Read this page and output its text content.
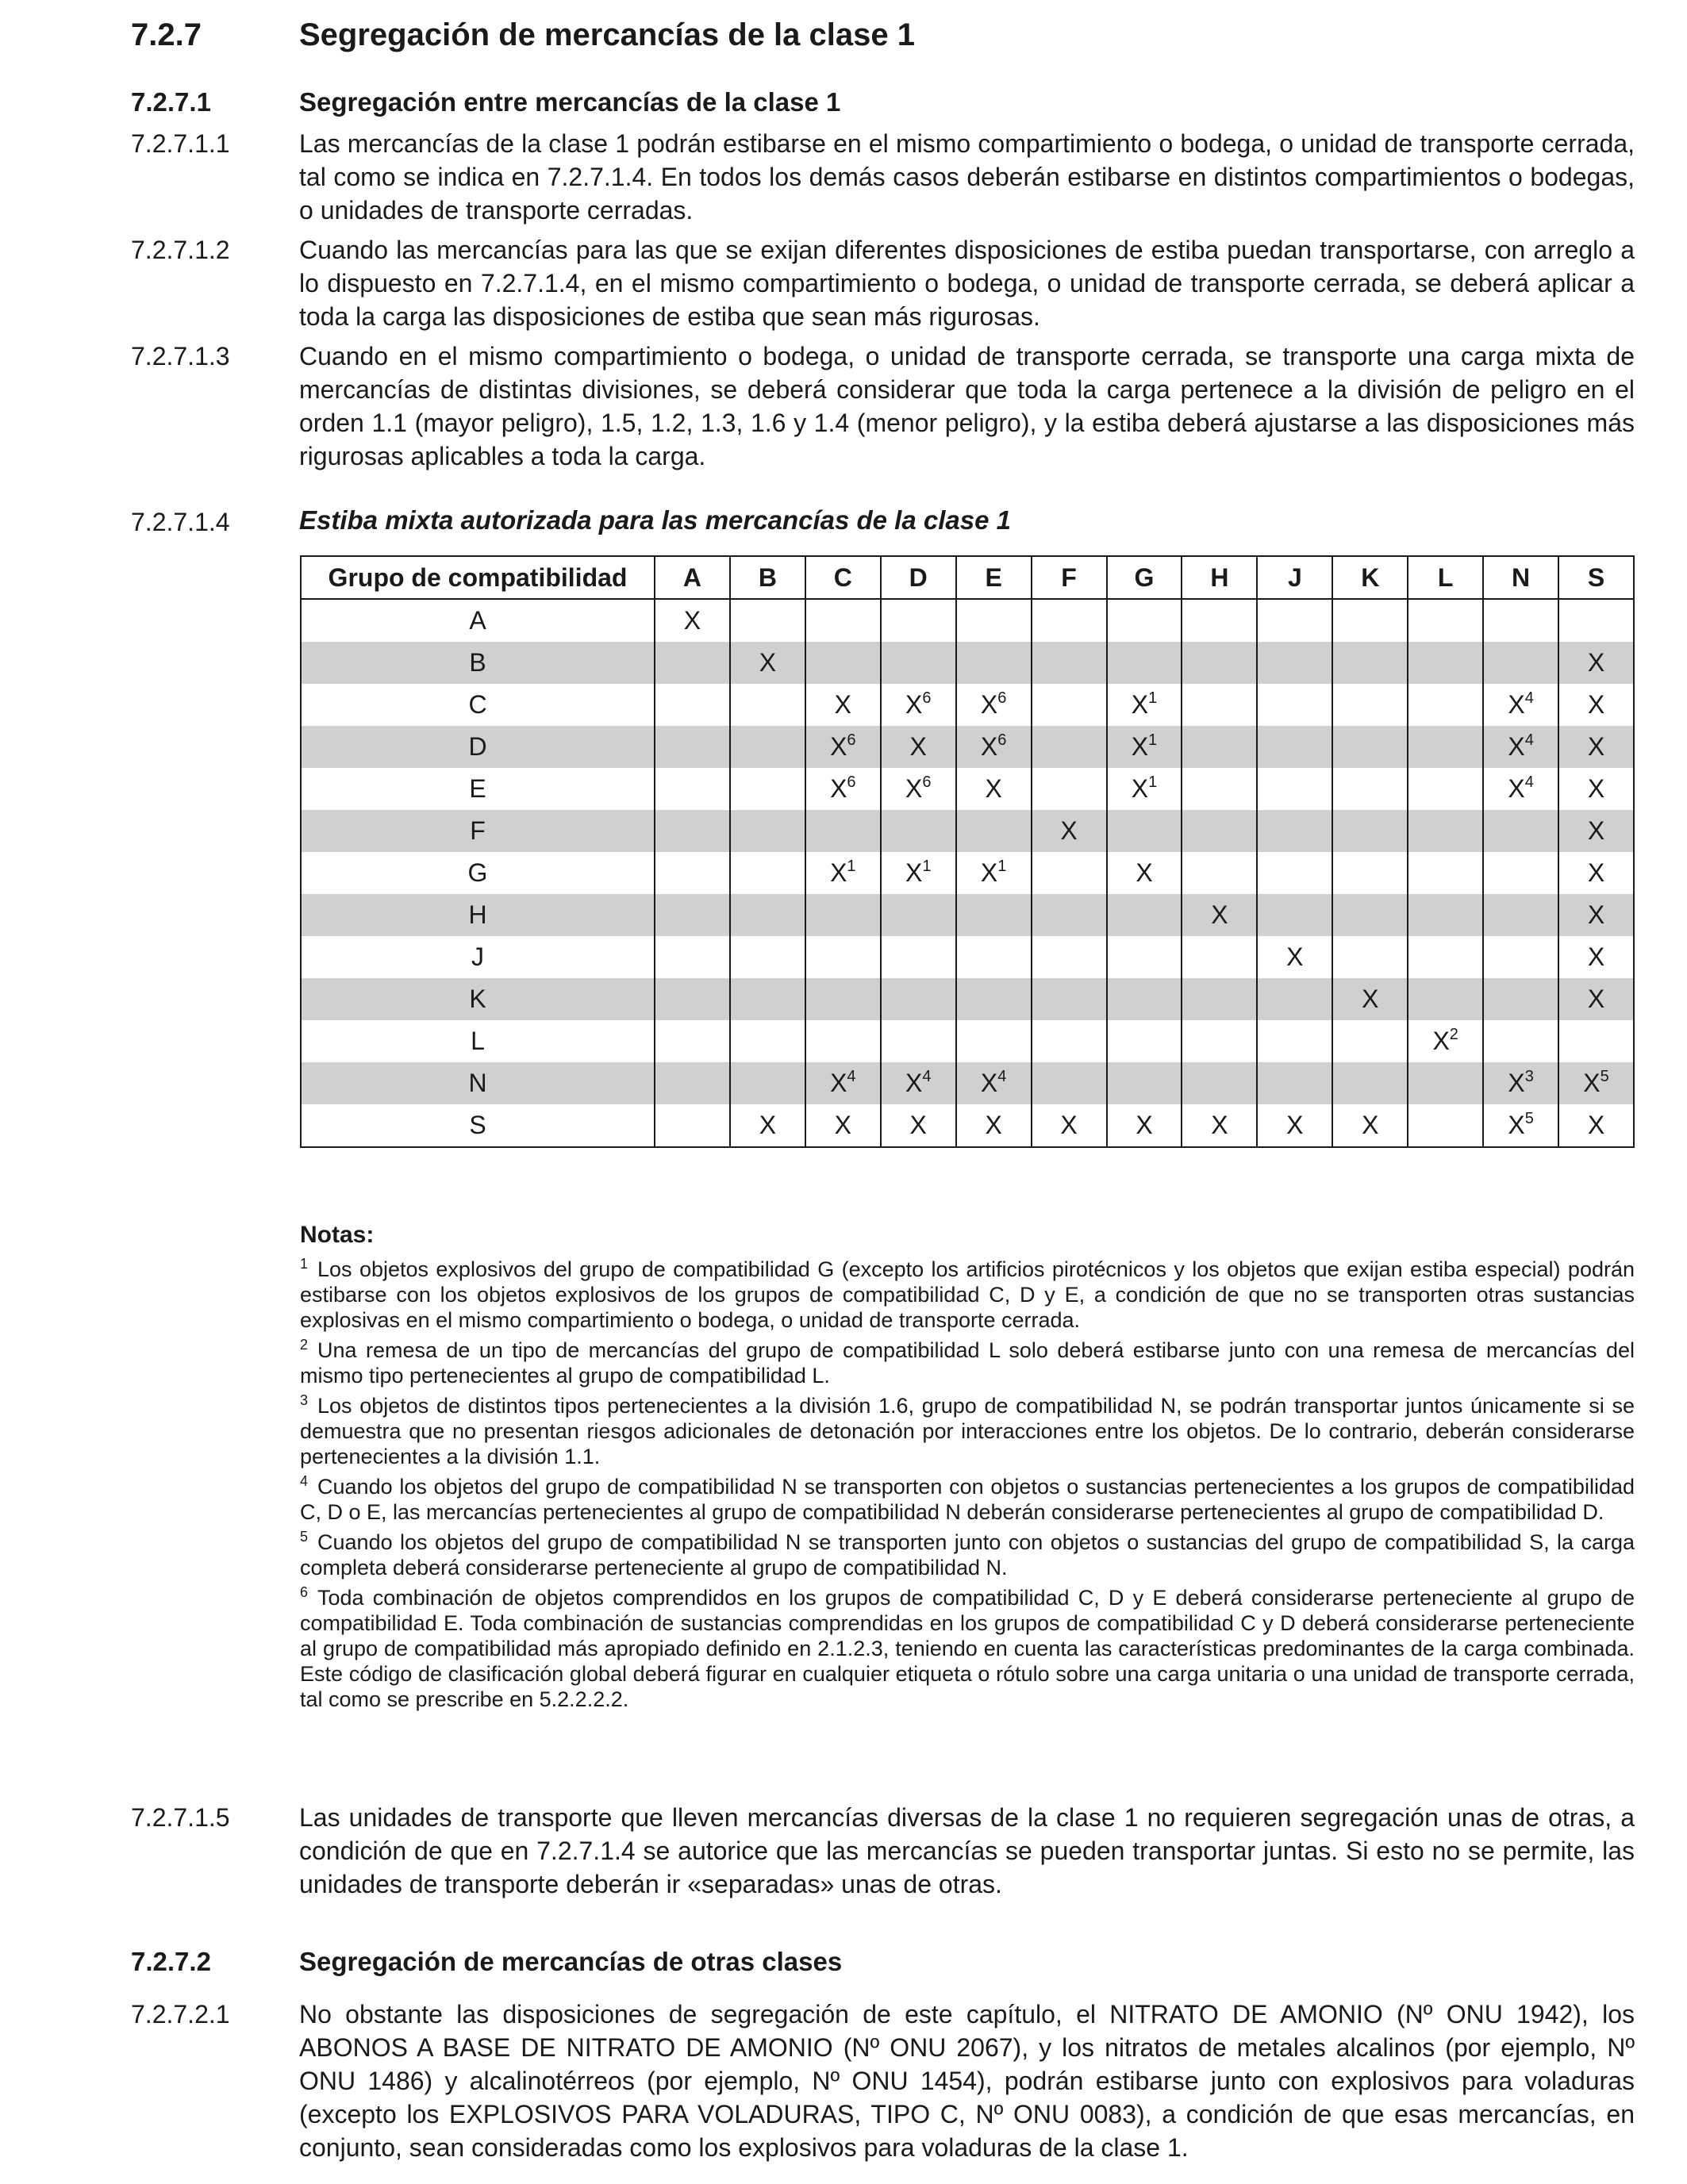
7.2.7	Segregación de mercancías de la clase 1
7.2.7.1	Segregación entre mercancías de la clase 1
7.2.7.1.1	Las mercancías de la clase 1 podrán estibarse en el mismo compartimiento o bodega, o unidad de transporte cerrada, tal como se indica en 7.2.7.1.4. En todos los demás casos deberán estibarse en distintos compartimientos o bodegas, o unidades de transporte cerradas.
7.2.7.1.2	Cuando las mercancías para las que se exijan diferentes disposiciones de estiba puedan transportarse, con arreglo a lo dispuesto en 7.2.7.1.4, en el mismo compartimiento o bodega, o unidad de transporte cerrada, se deberá aplicar a toda la carga las disposiciones de estiba que sean más rigurosas.
7.2.7.1.3	Cuando en el mismo compartimiento o bodega, o unidad de transporte cerrada, se transporte una carga mixta de mercancías de distintas divisiones, se deberá considerar que toda la carga pertenece a la división de peligro en el orden 1.1 (mayor peligro), 1.5, 1.2, 1.3, 1.6 y 1.4 (menor peligro), y la estiba deberá ajustarse a las disposiciones más rigurosas aplicables a toda la carga.
7.2.7.1.4	Estiba mixta autorizada para las mercancías de la clase 1
Grupo de compatibilidad	A	B	C	D	E	F	G	H	J	K	L	N	S
A	X												
B		X											X
C			X	$X^6$	$X^6$		$X^1$					$X^4$	X
D			$X^6$	X	$X^6$		$X^1$					$X^4$	X
E			$X^6$	$X^6$	X		$X^1$					$X^4$	X
F						X							X
G			$X^1$	$X^1$	$X^1$		X						X
H								X					X
J									X				X
K										X			X
L											$X^2$		
N			$X^4$	$X^4$	$X^4$							$X^3$	$X^5$
S		X	X	X	X	X	X	X	X	X		$X^5$	X
Notas:
$^1$ Los objetos explosivos del grupo de compatibilidad G (excepto los artificios pirotécnicos y los objetos que exijan estiba especial) podrán estibarse con los objetos explosivos de los grupos de compatibilidad C, D y E, a condición de que no se transporten otras sustancias explosivas en el mismo compartimiento o bodega, o unidad de transporte cerrada.
$^2$ Una remesa de un tipo de mercancías del grupo de compatibilidad L solo deberá estibarse junto con una remesa de mercancías del mismo tipo pertenecientes al grupo de compatibilidad L.
$^3$ Los objetos de distintos tipos pertenecientes a la división 1.6, grupo de compatibilidad N, se podrán transportar juntos únicamente si se demuestra que no presentan riesgos adicionales de detonación por interacciones entre los objetos. De lo contrario, deberán considerarse pertenecientes a la división 1.1.
$^4$ Cuando los objetos del grupo de compatibilidad N se transporten con objetos o sustancias pertenecientes a los grupos de compatibilidad C, D o E, las mercancías pertenecientes al grupo de compatibilidad N deberán considerarse pertenecientes al grupo de compatibilidad D.
$^5$ Cuando los objetos del grupo de compatibilidad N se transporten junto con objetos o sustancias del grupo de compatibilidad S, la carga completa deberá considerarse perteneciente al grupo de compatibilidad N.
$^6$ Toda combinación de objetos comprendidos en los grupos de compatibilidad C, D y E deberá considerarse perteneciente al grupo de compatibilidad E. Toda combinación de sustancias comprendidas en los grupos de compatibilidad C y D deberá considerarse perteneciente al grupo de compatibilidad más apropiado definido en 2.1.2.3, teniendo en cuenta las características predominantes de la carga combinada. Este código de clasificación global deberá figurar en cualquier etiqueta o rótulo sobre una carga unitaria o una unidad de transporte cerrada, tal como se prescribe en 5.2.2.2.2.
7.2.7.1.5	Las unidades de transporte que lleven mercancías diversas de la clase 1 no requieren segregación unas de otras, a condición de que en 7.2.7.1.4 se autorice que las mercancías se pueden transportar juntas. Si esto no se permite, las unidades de transporte deberán ir «separadas» unas de otras.
7.2.7.2	Segregación de mercancías de otras clases
7.2.7.2.1	No obstante las disposiciones de segregación de este capítulo, el NITRATO DE AMONIO (Nº ONU 1942), los ABONOS A BASE DE NITRATO DE AMONIO (Nº ONU 2067), y los nitratos de metales alcalinos (por ejemplo, Nº ONU 1486) y alcalinotérreos (por ejemplo, Nº ONU 1454), podrán estibarse junto con explosivos para voladuras (excepto los EXPLOSIVOS PARA VOLADURAS, TIPO C, Nº ONU 0083), a condición de que esas mercancías, en conjunto, sean consideradas como los explosivos para voladuras de la clase 1.
